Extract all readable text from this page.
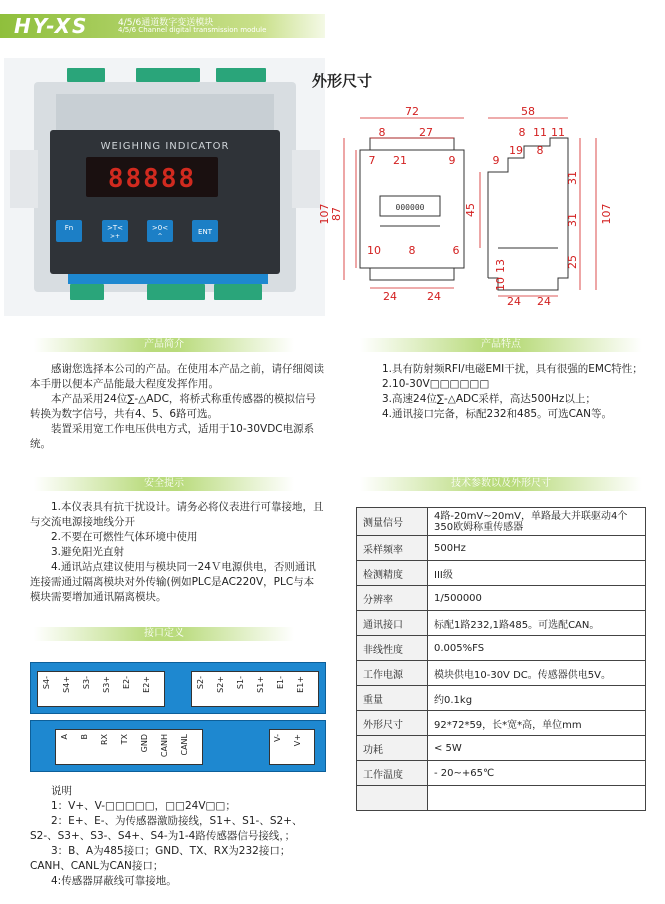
HY-XS	4/5/6通道数字变送模块
4/5/6 Channel digital transmission module
WEIGHING INDICATOR
88888
Fn	>T<
>+
>0<
^
ENT
外形尺寸
72
8	27
7 21	9
107 87	000000
10	8	6
24	24
58
8 11 11
9
19 8
45
31
31 107
13
10
25
24 24
产品简介
感谢您选择本公司的产品。在使用本产品之前，请仔细阅读本手册以便本产品能最大程度发挥作用。
本产品采用24位∑-△ADC，将桥式称重传感器的模拟信号转换为数字信号，共有4、5、6路可选。
装置采用宽工作电压供电方式，适用于10-30VDC电源系统。
产品特点
1.具有防射频RFI/电磁EMI干扰，具有很强的EMC特性；
2.10-30V□□□□□□
3.高速24位∑-△ADC采样，高达500Hz以上；
4.通讯接口完备，标配232和485。可选CAN等。
安全提示
1.本仪表具有抗干扰设计。请务必将仪表进行可靠接地，且与交流电源接地线分开
2.不要在可燃性气体环境中使用
3.避免阳光直射
4.通讯站点建议使用与模块同一24Ｖ电源供电，否则通讯连接需通过隔离模块对外传输(例如PLC是AC220V，PLC与本模块需要增加通讯隔离模块。
技术参数以及外形尺寸
测量信号	4路-20mV~20mV，单路最大并联驱动4个350欧姆称重传感器
采样频率	500Hz
检测精度	III级
分辨率	1/500000
通讯接口	标配1路232,1路485。可选配CAN。
非线性度	0.005%FS
工作电源	模块供电10-30V DC。传感器供电5V。
重量	约0.1kg
外形尺寸	92*72*59，长*宽*高，单位mm
功耗	< 5W
工作温度	- 20~+65℃

接口定义
S4-	S4+	S3-	S3+	E2-	E2+	S2-	S2+	S1-	S1+	E1-	E1+
A	B	RX	TX	GND	CANH	CANL	V-	V+
说明
1：V+、V-□□□□□，□□24V□□；
2：E+、E-、为传感器激励接线，S1+、S1-、S2+、S2-、S3+、S3-、S4+、S4-为1-4路传感器信号接线，；
3：B、A为485接口；GND、TX、RX为232接口；CANH、CANL为CAN接口；
4:传感器屏蔽线可靠接地。
